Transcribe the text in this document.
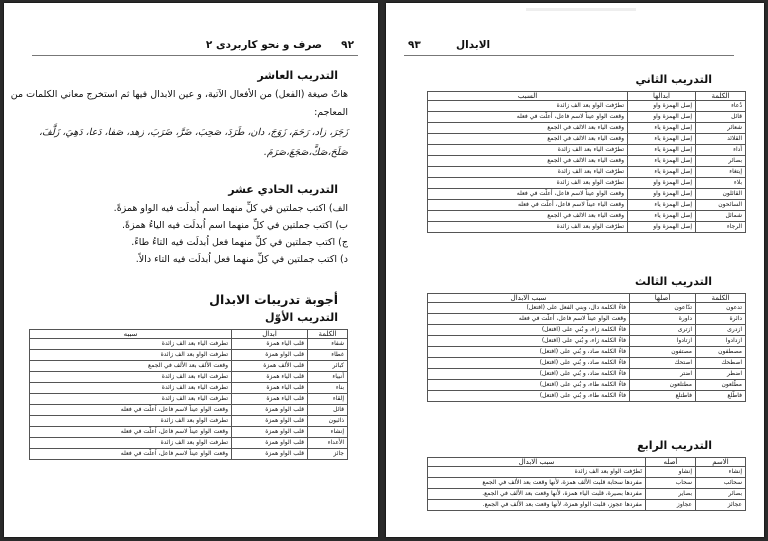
٩٢
صرف و نحو کاربردی ۲
التدريب العاشر
هاتْ صيغة (الفعل) من الأفعال الآتية، و عين الابدال فيها ثم استخرج معاني الكلمات من
المعاجم:
زَجَرَ، زاد، رَحَمَ، زَوَجَ، دان، طَرَدَ، صَحِبَ، ضَرَّ، ضَرَبَ، زهد، صَفا، دَعا، دَهِيَ، زَلَّفَ،
صَلَحَ،صَكَّ،صَجَعَ،صَرَمَ.
التدريب الحادي عشر
الف) اكتب جملتين في كلِّ منهما اسم اُبدلَت فيه الواو همزةً.
ب) اكتب جملتين في كلِّ منهما اسم اُبدلَت فيه الياءُ همزةً.
ج) اكتب جملتين في كلِّ منهما فعل اُبدلَت فيه التاءُ طاءً.
د) اكتب جملتين في كلِّ منهما فعل اُبدلَت فيه التاء دالاً.
أجوبة تدريبات الابدال
التدريب الأوّل
الكلمة	ابدال	سببه
شفاء	قلب الياء همزة	تطرفت الياء بعد الف زائدة
غطاء	قلب الواو همزة	تطرفت الواو بعد الف زائدة
كبائر	قلب الألف همزة	وقعت الألف بعد الألف في الجمع
أنبياء	قلب الياء همزة	تطرفت الياء بعد الف زائدة
بناء	قلب الياء همزة	تطرفت الياء بعد الف زائدة
إلقاء	قلب الياء همزة	تطرفت الياء بعد الف زائدة
قائل	قلب الواو همزة	وقعت الواو عيناً لاسم فاعل، اُعلّت في فعله
ذائبون	قلب الواو همزة	تطرفت الواو بعد الف زائدة
إنشاء	قلب الواو همزة	وقعت الواو عيناً لاسم فاعل، اُعلّت في فعله
الأعداء	قلب الواو همزة	تطرفت الواو بعد الف زائدة
جائز	قلب الواو همزة	وقعت الواو عيناً لاسم فاعل، اُعلّت في فعله
٩٣	الابدال
التدريب الثاني
الكلمة	ابدالها	السبب
دُعاء	إصل الهمزة واو	تطرّفت الواو بعد الف زائدة
قائل	إصل الهمزة واو	وقعت الواو عيناً لاسم فاعل، أعلّت في فعله
شعائر	إصل الهمزة ياء	وقعت الياء بعد الالف في الجمع
القلائد	إصل الهمزة ياء	وقعت الياء بعد الالف في الجمع
أداء	إصل الهمزة ياء	تطرّفت الياء بعد الف زائدة
بصائر	إصل الهمزة ياء	وقعت الياء بعد الالف في الجمع
إبتغاء	إصل الهمزة ياء	تطرّفت الياء بعد الف زائدة
بلاء	إصل الهمزة واو	تطرّفت الواو بعد الف زائدة
القائلون	إصل الهمزة واو	وقعت الواو عيناً لاسم فاعل، أعلّت في فعله
السائحون	إصل الهمزة ياء	وقعت الياء عيناً لاسم فاعل، أعلّت في فعله
شمائل	إصل الهمزة ياء	وقعت الياء بعد الالف في الجمع
الرجاء	إصل الهمزة واو	تطرّفت الواو بعد الف زائدة
التدريب الثالث
الكلمة	أصلها	سبب الابدال
تدعون	تدّاعون	فاءُ الكلمة دال، وبني الفعل على (افتعل)
دائرة	داورة	وقعت الواو عيناً لاسم فاعل، أعلّت في فعله
ازدرى	ازترى	فاءُ الكلمة زاء، و بُني على (افتعل)
ازدادوا	ازتادوا	فاءُ الكلمة زاء، و بُني على (افتعل)
مصطفون	مصتفون	فاءُ الكلمة صاد، و بُني على (افتعل)
اصطحك	اصتحك	فاءُ الكلمة صاد، و بُني على (افتعل)
اضطر	اضتر	فاءُ الكلمة ضاد، و بُني على (افتعل)
مطّلعون	مطتلعون	فاءُ الكلمة طاء، و بُني على (افتعل)
فاطّلع	فاطتلع	فاءُ الكلمة طاء، و بُني على (افتعل)
التدريب الرابع
الاسم	أصله	سبب الابدال
إنشاء	إنشاو	تَطرّفت الواو بعد الف زائدة
سحائب	سحاب	مفردها سحابة قلبت الألف همزة، لأنها وقعت بعد الألف في الجمع
بصائر	بصاير	مفردها بصيرة، قلبت الياء همزة، لأنها وقعت بعد الألف في الجمع.
عجائز	عجاوز	مفردها عجوز، قلبت الواو همزة، لأنها وقعت بعد الألف في الجمع.
